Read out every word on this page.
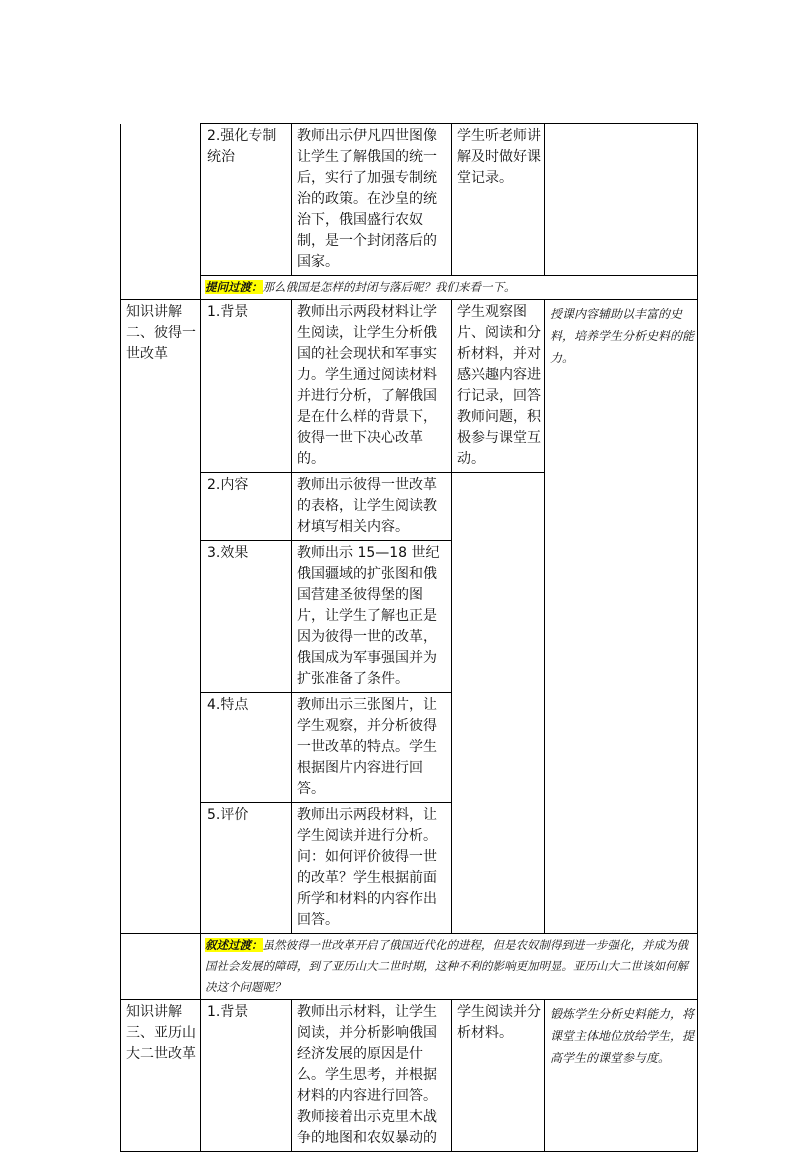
	2.强化专制统治	教师出示伊凡四世图像让学生了解俄国的统一后，实行了加强专制统治的政策。在沙皇的统治下，俄国盛行农奴制，是一个封闭落后的国家。	学生听老师讲解及时做好课堂记录。	
	提问过渡：那么俄国是怎样的封闭与落后呢？我们来看一下。			
知识讲解二、彼得一世改革	1.背景	教师出示两段材料让学生阅读，让学生分析俄国的社会现状和军事实力。学生通过阅读材料并进行分析，了解俄国是在什么样的背景下，彼得一世下决心改革的。	学生观察图片、阅读和分析材料，并对感兴趣内容进行记录，回答教师问题，积极参与课堂互动。	授课内容辅助以丰富的史料，培养学生分析史料的能力。
	2.内容	教师出示彼得一世改革的表格，让学生阅读教材填写相关内容。		
	3.效果	教师出示 15—18 世纪俄国疆域的扩张图和俄国营建圣彼得堡的图片，让学生了解也正是因为彼得一世的改革，俄国成为军事强国并为扩张准备了条件。		
	4.特点	教师出示三张图片，让学生观察，并分析彼得一世改革的特点。学生根据图片内容进行回答。		
	5.评价	教师出示两段材料，让学生阅读并进行分析。问：如何评价彼得一世的改革？学生根据前面所学和材料的内容作出回答。		
	叙述过渡：虽然彼得一世改革开启了俄国近代化的进程，但是农奴制得到进一步强化，并成为俄国社会发展的障碍，到了亚历山大二世时期，这种不利的影响更加明显。亚历山大二世该如何解决这个问题呢？			
知识讲解三、亚历山大二世改革	1.背景	教师出示材料，让学生阅读，并分析影响俄国经济发展的原因是什么。学生思考，并根据材料的内容进行回答。教师接着出示克里木战争的地图和农奴暴动的	学生阅读并分析材料。	锻炼学生分析史料能力，将课堂主体地位放给学生，提高学生的课堂参与度。
